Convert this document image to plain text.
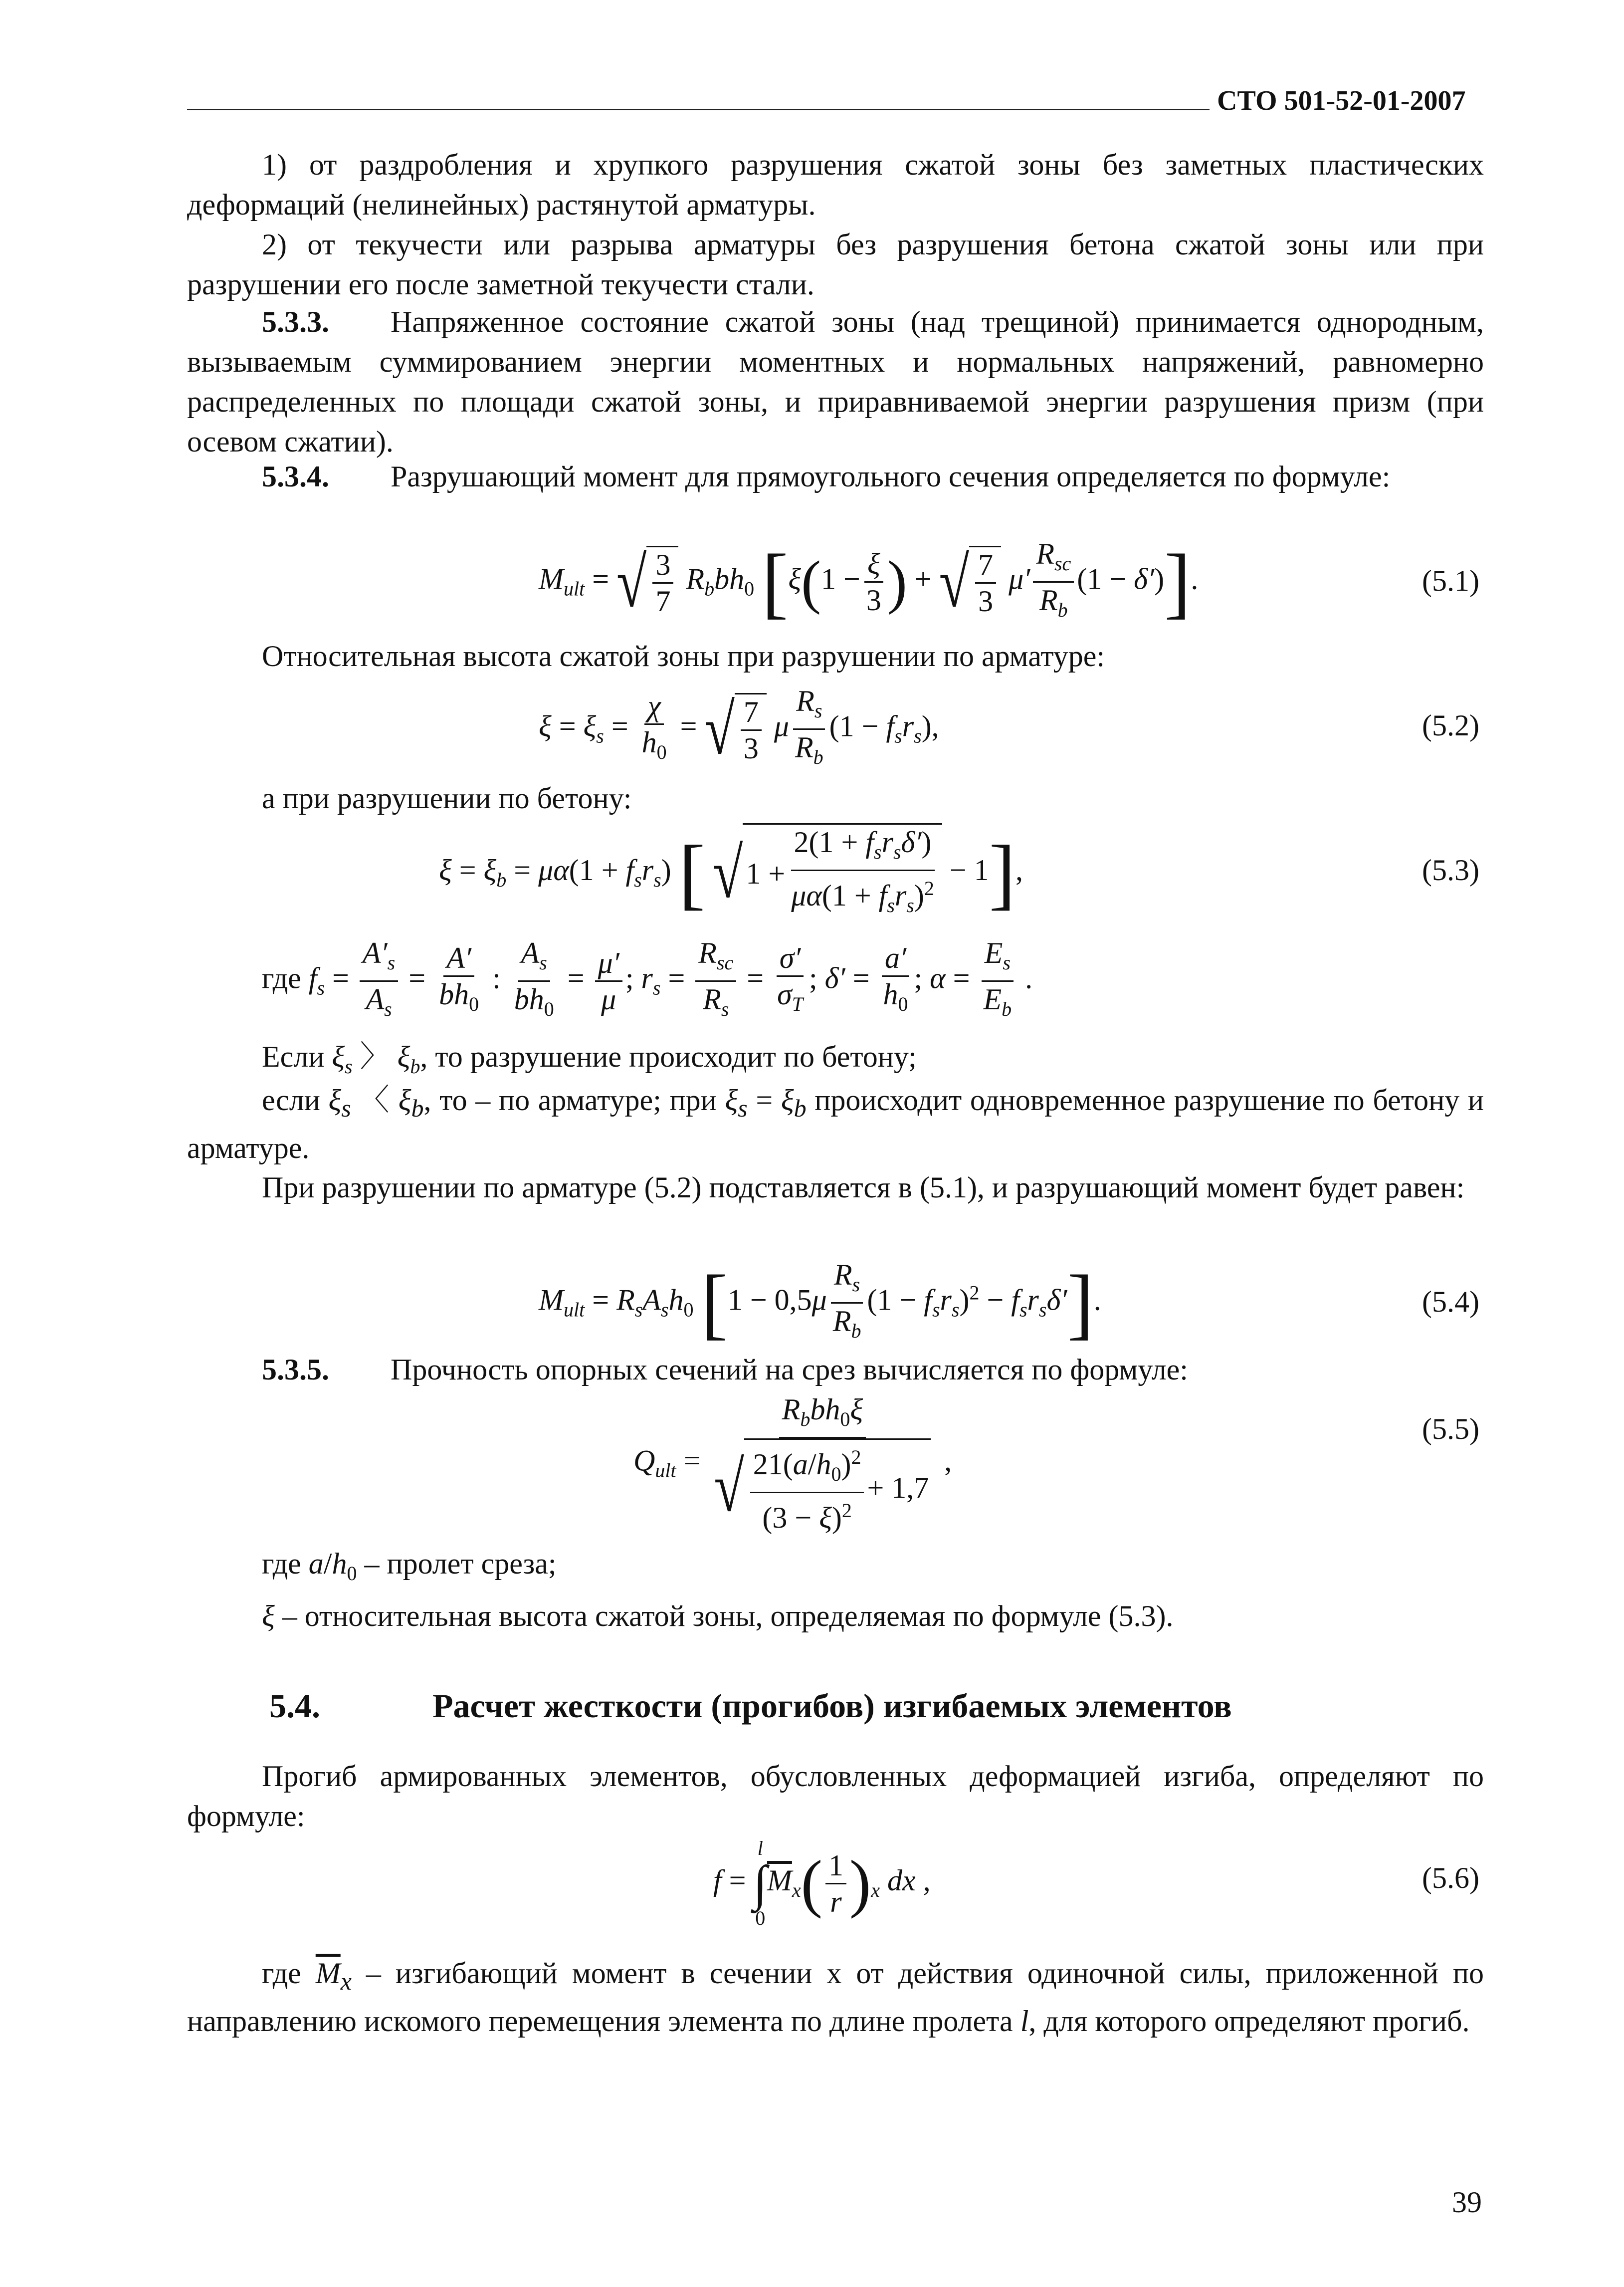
СТО 501-52-01-2007
1) от раздробления и хрупкого разрушения сжатой зоны без заметных пластических деформаций (нелинейных) растянутой арматуры.
2) от текучести или разрыва арматуры без разрушения бетона сжатой зоны или при разрушении его после заметной текучести стали.
5.3.3. Напряженное состояние сжатой зоны (над трещиной) принимается однородным, вызываемым суммированием энергии моментных и нормальных напряжений, равномерно распределенных по площади сжатой зоны, и приравниваемой энергии разрушения призм (при осевом сжатии).
5.3.4. Разрушающий момент для прямоугольного сечения определяется по формуле:
$M_{ult}$ = √ $\frac{3}{7} R_bbh_0$ [$\xi(1 - \frac{\xi}{3}$ ) + √ $\frac{7}{3} \mu' \frac{R_{sc}}{R_b} (1 - \delta')$].	(5.1)
Относительная высота сжатой зоны при разрушении по арматуре:
$\xi = \xi_s = \frac{\chi}{h_0}$ = √ $\frac{7}{3}$ μ $\frac{R_s}{R_b} (1 - f_sr_s)$,	(5.2)
а при разрушении по бетону:
$\xi = \xi_b = \mu\alpha(1 + f_sr_s)$ [ √ $1 + \frac{2(1 + f_sr_s\delta')}{\mu\alpha(1 + f_sr_s)^2} - 1$],	(5.3)
где $f_s = \frac{A'_s}{A_s} = \frac{A'}{bh_0}$ : $\frac{A_s}{bh_0} = \frac{\mu'}{\mu}$ ; $r_s = \frac{R_{sc}}{R_s} = \frac{\sigma'}{\sigma_T}$ ; $\delta' = \frac{a'}{h_0}$ ; $\alpha = \frac{E_s}{E_b}$ .
Если $\xi_s$ 〉 $\xi_b$, то разрушение происходит по бетону;
если $\xi_s$ 〈 $\xi_b$, то – по арматуре; при $\xi_s = \xi_b$ происходит одновременное разрушение по бетону и арматуре.
При разрушении по арматуре (5.2) подставляется в (5.1), и разрушающий момент будет равен:
$M_{ult} = R_sA_sh_0$ $[1 - 0,5\mu \frac{R_s}{R_b} (1 - f_sr_s)^2 - f_sr_s\delta']$.	(5.4)
5.3.5. Прочность опорных сечений на срез вычисляется по формуле:
$Q_{ult} = \frac{R_bbh_0\xi}{√ \frac{21(a/h_0)^2}{(3 - \xi)^2} + 1,7}$ ,
(5.5)
где $a/h_0$ – пролет среза;
ξ – относительная высота сжатой зоны, определяемая по формуле (5.3).
5.4.	Расчет жесткости (прогибов) изгибаемых элементов
Прогиб армированных элементов, обусловленных деформацией изгиба, определяют по формуле:
f =
l
∫
$0\overline{M}_x( \frac{1}{r} )_x$ dx ,	(5.6)
где $\overline{M}_x$ – изгибающий момент в сечении х от действия одиночной силы, приложенной по направлению искомого перемещения элемента по длине пролета l, для которого определяют прогиб.
39
